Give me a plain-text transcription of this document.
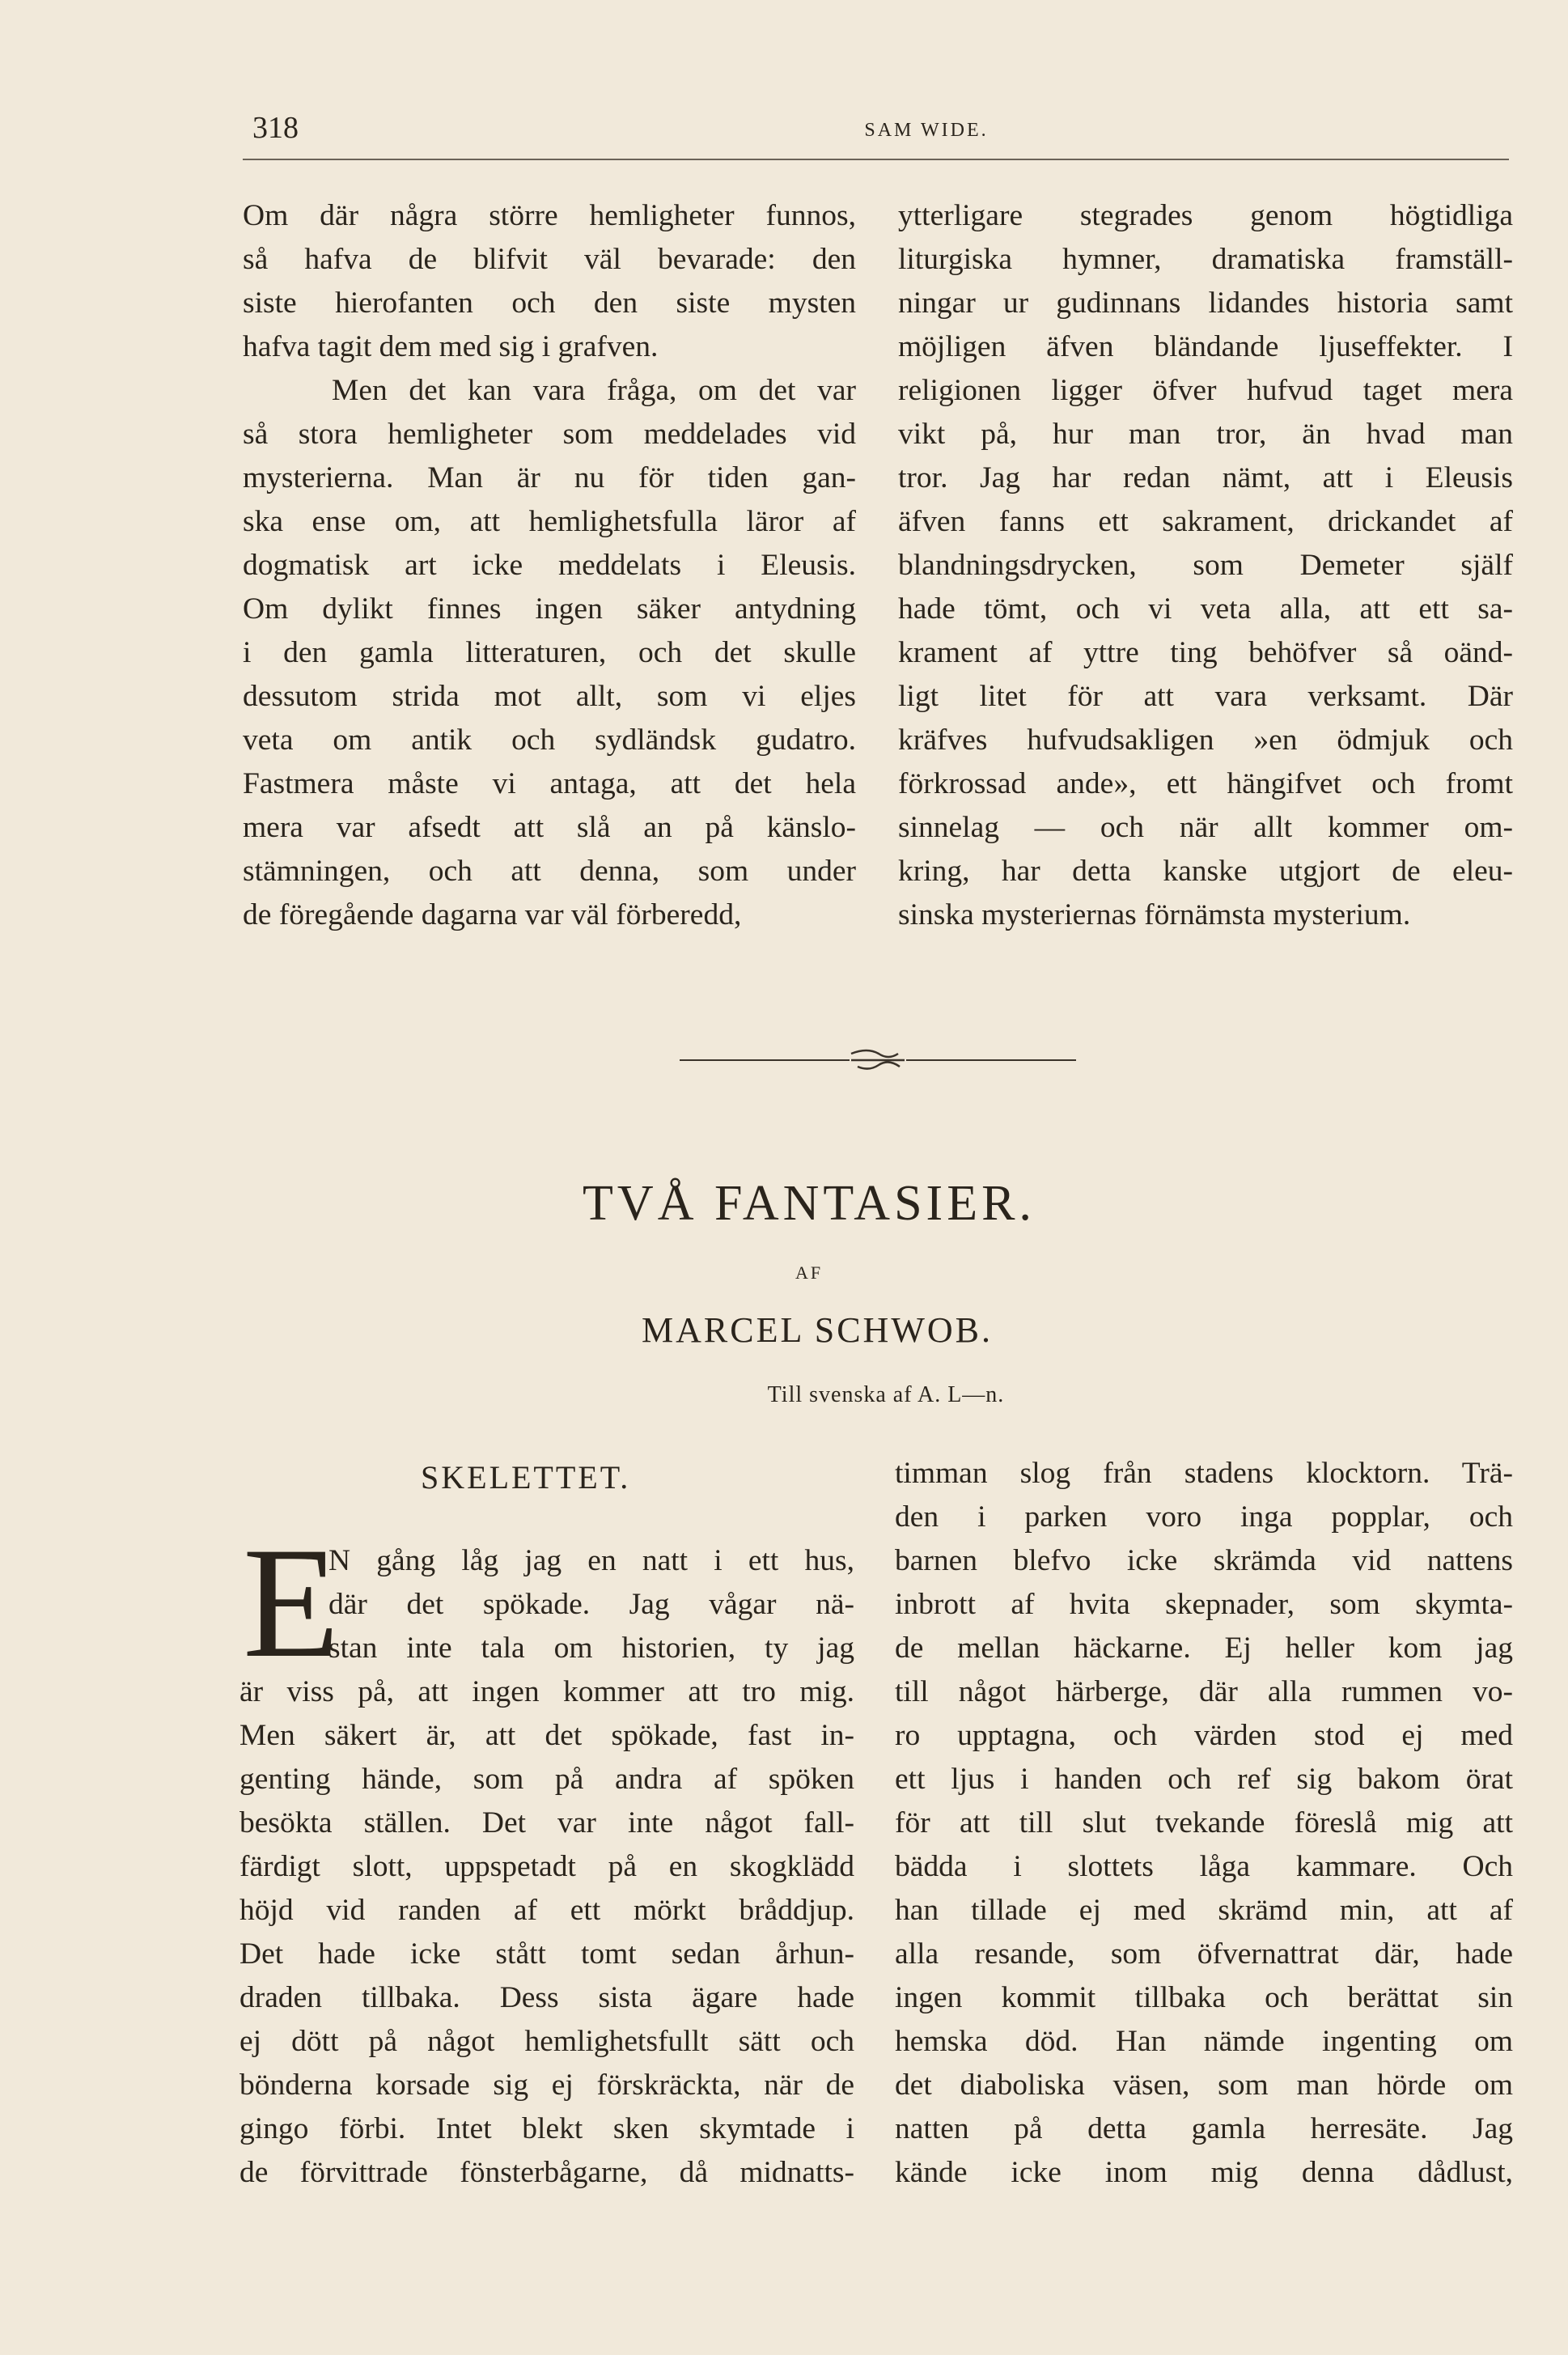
318	SAM WIDE.
Om där några större hemligheter funnos,
så hafva de blifvit väl bevarade: den
siste hierofanten och den siste mysten
hafva tagit dem med sig i grafven.
Men det kan vara fråga, om det var
så stora hemligheter som meddelades vid
mysterierna. Man är nu för tiden gan-
ska ense om, att hemlighetsfulla läror af
dogmatisk art icke meddelats i Eleusis.
Om dylikt finnes ingen säker antydning
i den gamla litteraturen, och det skulle
dessutom strida mot allt, som vi eljes
veta om antik och sydländsk gudatro.
Fastmera måste vi antaga, att det hela
mera var afsedt att slå an på känslo-
stämningen, och att denna, som under
de föregående dagarna var väl förberedd,
ytterligare stegrades genom högtidliga
liturgiska hymner, dramatiska framställ-
ningar ur gudinnans lidandes historia samt
möjligen äfven bländande ljuseffekter. I
religionen ligger öfver hufvud taget mera
vikt på, hur man tror, än hvad man
tror. Jag har redan nämt, att i Eleusis
äfven fanns ett sakrament, drickandet af
blandningsdrycken, som Demeter själf
hade tömt, och vi veta alla, att ett sa-
krament af yttre ting behöfver så oänd-
ligt litet för att vara verksamt. Där
kräfves hufvudsakligen »en ödmjuk och
förkrossad ande», ett hängifvet och fromt
sinnelag — och när allt kommer om-
kring, har detta kanske utgjort de eleu-
sinska mysteriernas förnämsta mysterium.
TVÅ FANTASIER.
AF
MARCEL SCHWOB.
Till svenska af A. L—n.
SKELETTET.
E
N gång låg jag en natt i ett hus,
där det spökade. Jag vågar nä-
stan inte tala om historien, ty jag
är viss på, att ingen kommer att tro mig.
Men säkert är, att det spökade, fast in-
genting hände, som på andra af spöken
besökta ställen. Det var inte något fall-
färdigt slott, uppspetadt på en skogklädd
höjd vid randen af ett mörkt bråddjup.
Det hade icke stått tomt sedan århun-
draden tillbaka. Dess sista ägare hade
ej dött på något hemlighetsfullt sätt och
bönderna korsade sig ej förskräckta, när de
gingo förbi. Intet blekt sken skymtade i
de förvittrade fönsterbågarne, då midnatts-
timman slog från stadens klocktorn. Trä-
den i parken voro inga popplar, och
barnen blefvo icke skrämda vid nattens
inbrott af hvita skepnader, som skymta-
de mellan häckarne. Ej heller kom jag
till något härberge, där alla rummen vo-
ro upptagna, och värden stod ej med
ett ljus i handen och ref sig bakom örat
för att till slut tvekande föreslå mig att
bädda i slottets låga kammare. Och
han tillade ej med skrämd min, att af
alla resande, som öfvernattrat där, hade
ingen kommit tillbaka och berättat sin
hemska död. Han nämde ingenting om
det diaboliska väsen, som man hörde om
natten på detta gamla herresäte. Jag
kände icke inom mig denna dådlust,
